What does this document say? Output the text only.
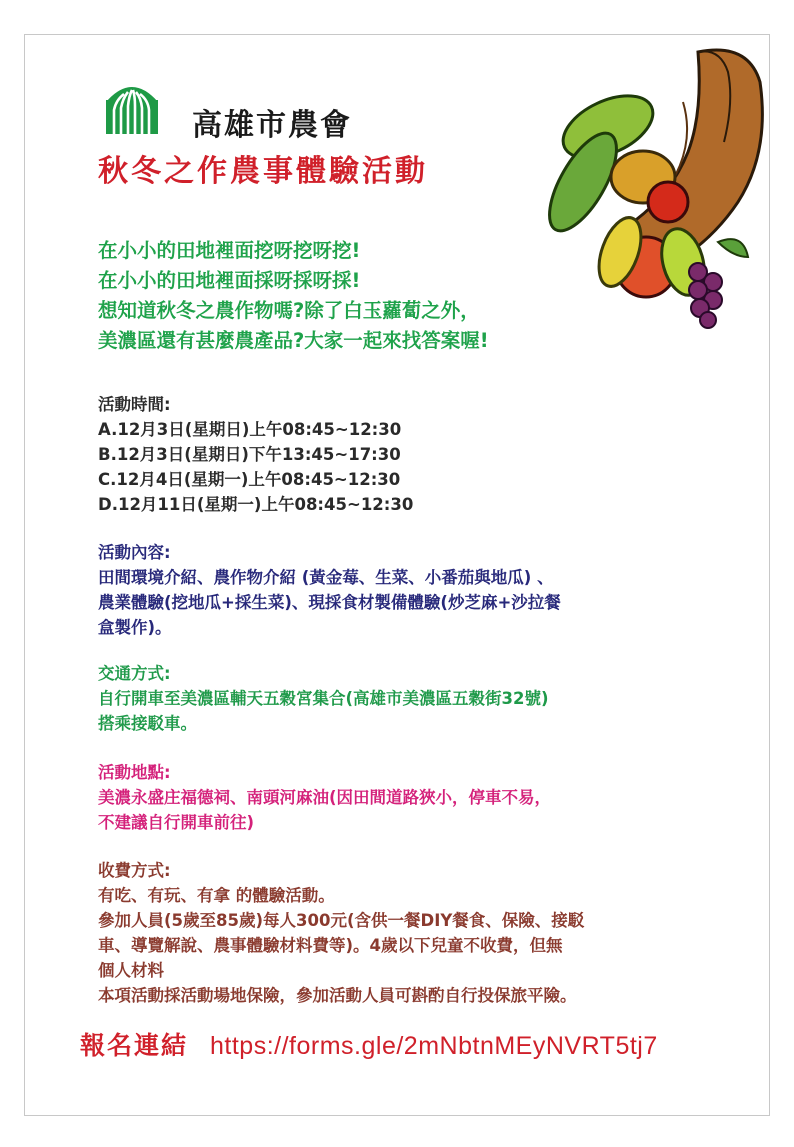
高雄市農會
秋冬之作農事體驗活動
在小小的田地裡面挖呀挖呀挖!
在小小的田地裡面採呀採呀採!
想知道秋冬之農作物嗎?除了白玉蘿蔔之外，
美濃區還有甚麼農產品?大家一起來找答案喔!
活動時間:
A.12月3日(星期日)上午08:45~12:30
B.12月3日(星期日)下午13:45~17:30
C.12月4日(星期一)上午08:45~12:30
D.12月11日(星期一)上午08:45~12:30
活動內容:
田間環境介紹、農作物介紹 (黃金莓、生菜、小番茄與地瓜) 、
農業體驗(挖地瓜+採生菜)、現採食材製備體驗(炒芝麻+沙拉餐
盒製作)。
交通方式:
自行開車至美濃區輔天五穀宮集合(高雄市美濃區五穀街32號)
搭乘接駁車。
活動地點:
美濃永盛庄福德祠、南頭河麻油(因田間道路狹小，停車不易，
不建議自行開車前往)
收費方式:
有吃、有玩、有拿 的體驗活動。
參加人員(5歲至85歲)每人300元(含供一餐DIY餐食、保險、接駁
車、導覽解說、農事體驗材料費等)。4歲以下兒童不收費，但無
個人材料
本項活動採活動場地保險，參加活動人員可斟酌自行投保旅平險。
報名連結 https://forms.gle/2mNbtnMEyNVRT5tj7
